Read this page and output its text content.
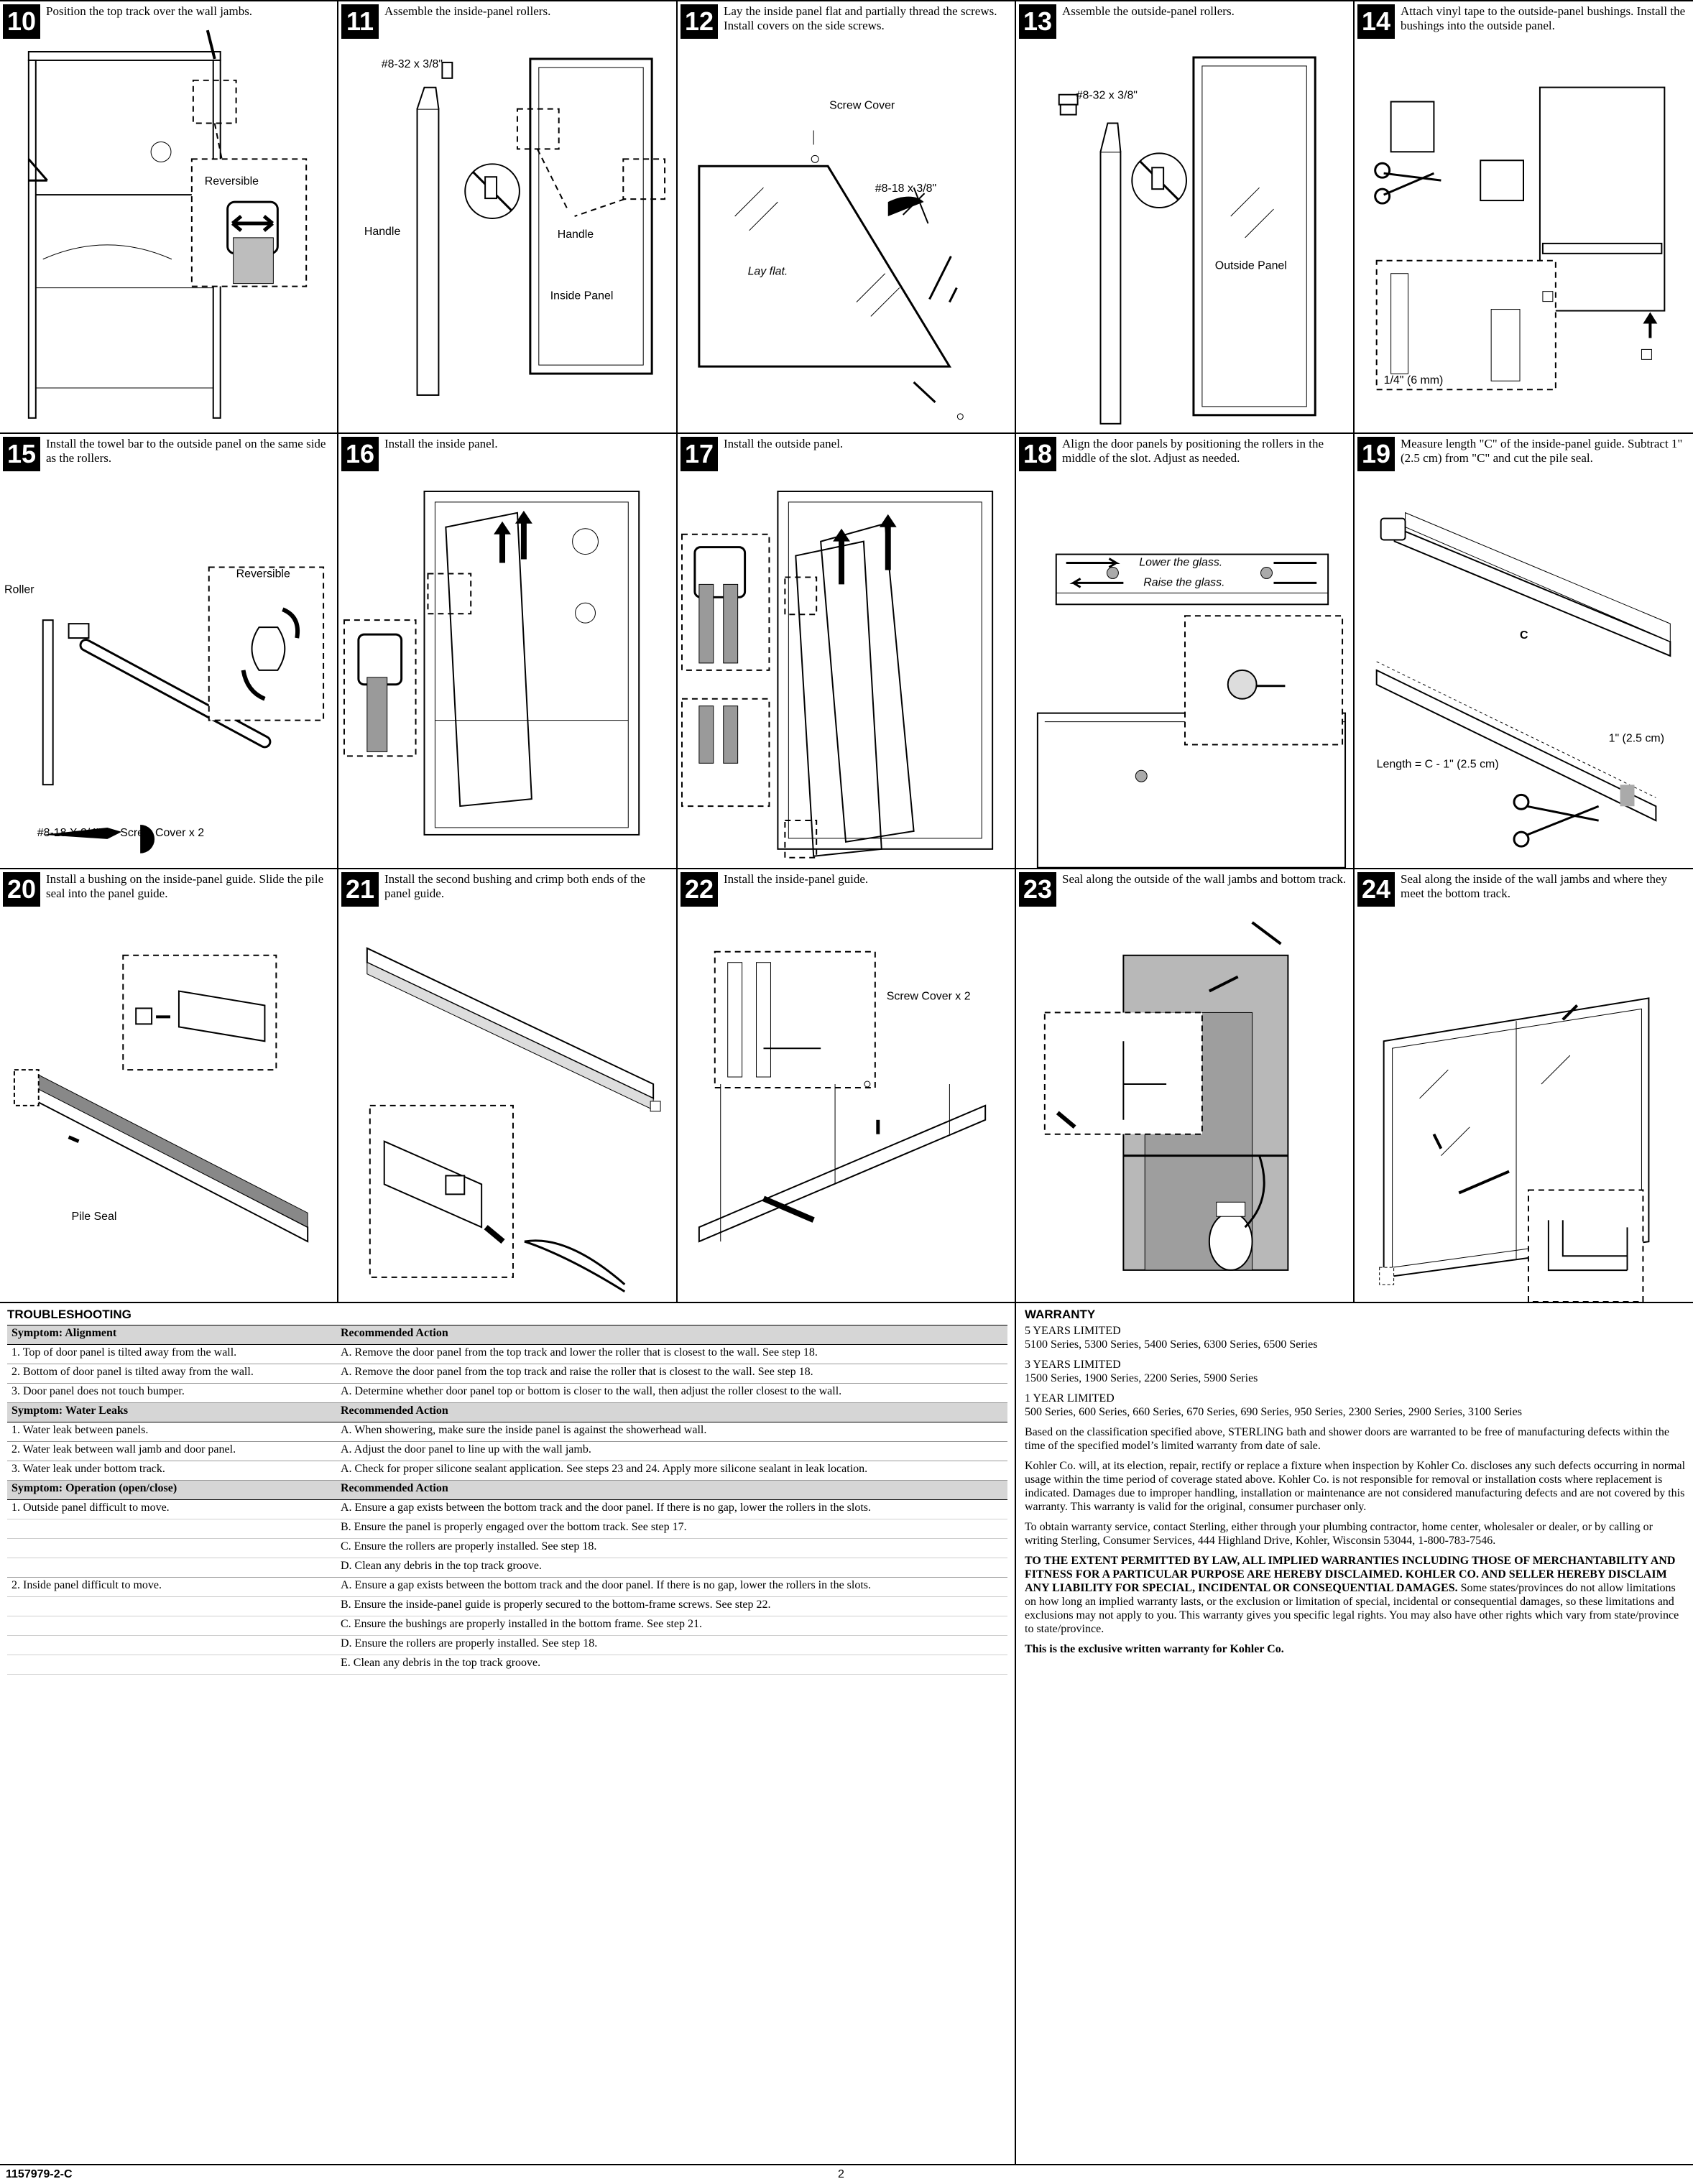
Reversible
10 Position the top track over the wall jambs.
#8-32 x 3/8"
Handle	Handle
Inside Panel
11 Assemble the inside-panel rollers.
Screw Cover
#8-18 x 3/8"
Lay flat.
12 Lay the inside panel flat and partially thread the screws. Install covers on the side screws.
#8-32 x 3/8"
Outside Panel
13 Assemble the outside-panel rollers.
1/4" (6 mm)
14 Attach vinyl tape to the outside-panel bushings. Install the bushings into the outside panel.
Roller
Reversible
#8-18 X 3/4" Screw Cover x 2
15 Install the towel bar to the outside panel on the same side as the rollers.	16 Install the inside panel.	17 Install the outside panel.
Lower the glass.
Raise the glass.
18 Align the door panels by positioning the rollers in the middle of the slot. Adjust as needed.
C
1" (2.5 cm)
Length = C - 1" (2.5 cm)
19 Measure length "C" of the inside-panel guide. Subtract 1" (2.5 cm) from "C" and cut the pile seal.
Pile Seal
20 Install a bushing on the inside-panel guide. Slide the pile seal into the panel guide.	21 Install the second bushing and crimp both ends of the panel guide.
Screw Cover x 2
22 Install the inside-panel guide.	23 Seal along the outside of the wall jambs and bottom track. 24 Seal along the inside of the wall jambs and where they meet the bottom track.
TROUBLESHOOTING
Symptom: Alignment	Recommended Action
1. Top of door panel is tilted away from the wall.	A. Remove the door panel from the top track and lower the roller that is closest to the wall. See step 18.
2. Bottom of door panel is tilted away from the wall.	A. Remove the door panel from the top track and raise the roller that is closest to the wall. See step 18.
3. Door panel does not touch bumper.	A. Determine whether door panel top or bottom is closer to the wall, then adjust the roller closest to the wall.
Symptom: Water Leaks	Recommended Action
1. Water leak between panels.	A. When showering, make sure the inside panel is against the showerhead wall.
2. Water leak between wall jamb and door panel.	A. Adjust the door panel to line up with the wall jamb.
3. Water leak under bottom track.	A. Check for proper silicone sealant application. See steps 23 and 24. Apply more silicone sealant in leak location.
Symptom: Operation (open/close)	Recommended Action
1. Outside panel difficult to move.	A. Ensure a gap exists between the bottom track and the door panel. If there is no gap, lower the rollers in the slots.
	B. Ensure the panel is properly engaged over the bottom track. See step 17.
	C. Ensure the rollers are properly installed. See step 18.
	D. Clean any debris in the top track groove.
2. Inside panel difficult to move.	A. Ensure a gap exists between the bottom track and the door panel. If there is no gap, lower the rollers in the slots.
	B. Ensure the inside-panel guide is properly secured to the bottom-frame screws. See step 22.
	C. Ensure the bushings are properly installed in the bottom frame. See step 21.
	D. Ensure the rollers are properly installed. See step 18.
	E. Clean any debris in the top track groove.
WARRANTY

5 YEARS LIMITED
5100 Series, 5300 Series, 5400 Series, 6300 Series, 6500 Series

3 YEARS LIMITED
1500 Series, 1900 Series, 2200 Series, 5900 Series

1 YEAR LIMITED
500 Series, 600 Series, 660 Series, 670 Series, 690 Series, 950 Series, 2300 Series, 2900 Series, 3100 Series

Based on the classification specified above, STERLING bath and shower doors are warranted to be free of manufacturing defects within the time of the specified model’s limited warranty from date of sale.

Kohler Co. will, at its election, repair, rectify or replace a fixture when inspection by Kohler Co. discloses any such defects occurring in normal usage within the time period of coverage stated above. Kohler Co. is not responsible for removal or installation costs where replacement is indicated. Damages due to improper handling, installation or maintenance are not considered manufacturing defects and are not covered by this warranty. This warranty is valid for the original, consumer purchaser only.

To obtain warranty service, contact Sterling, either through your plumbing contractor, home center, wholesaler or dealer, or by calling or writing Sterling, Consumer Services, 444 Highland Drive, Kohler, Wisconsin 53044, 1-800-783-7546.

TO THE EXTENT PERMITTED BY LAW, ALL IMPLIED WARRANTIES INCLUDING THOSE OF MERCHANTABILITY AND FITNESS FOR A PARTICULAR PURPOSE ARE HEREBY DISCLAIMED. KOHLER CO. AND SELLER HEREBY DISCLAIM ANY LIABILITY FOR SPECIAL, INCIDENTAL OR CONSEQUENTIAL DAMAGES. Some states/provinces do not allow limitations on how long an implied warranty lasts, or the exclusion or limitation of special, incidental or consequential damages, so these limitations and exclusions may not apply to you. This warranty gives you specific legal rights. You may also have other rights which vary from state/province to state/province.

This is the exclusive written warranty for Kohler Co.

1157979-2-C	2
